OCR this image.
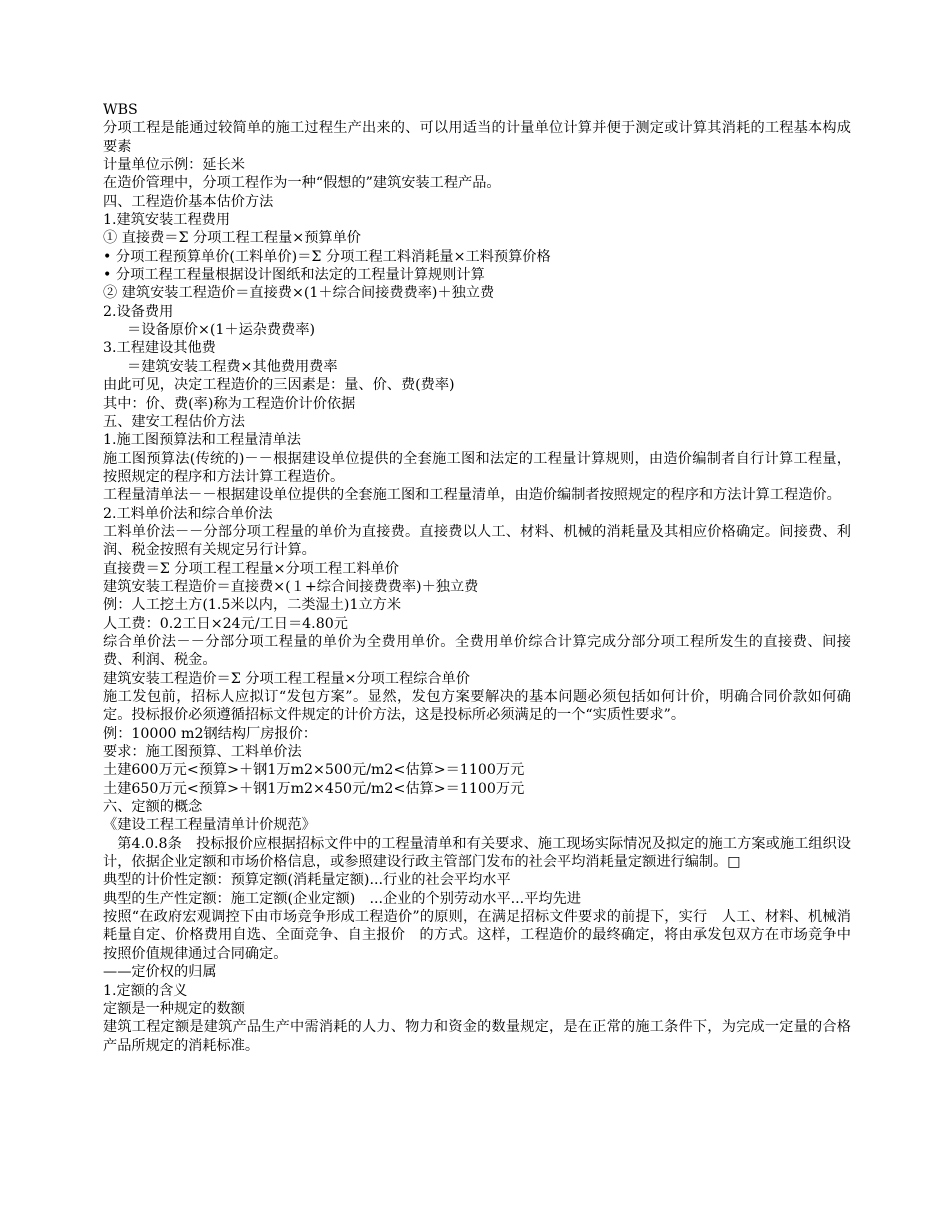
WBS

分项工程是能通过较简单的施工过程生产出来的、可以用适当的计量单位计算并便于测定或计算其消耗的工程基本构成要素

计量单位示例：延长米

在造价管理中，分项工程作为一种“假想的”建筑安装工程产品。

四、工程造价基本估价方法

1.建筑安装工程费用

① 直接费＝Σ 分项工程工程量×预算单价

• 分项工程预算单价(工料单价)＝Σ 分项工程工料消耗量×工料预算价格

• 分项工程工程量根据设计图纸和法定的工程量计算规则计算

② 建筑安装工程造价＝直接费×(1＋综合间接费费率)＋独立费

2.设备费用

＝设备原价×(1＋运杂费费率)

3.工程建设其他费

＝建筑安装工程费×其他费用费率

由此可见，决定工程造价的三因素是：量、价、费(费率)

其中：价、费(率)称为工程造价计价依据

五、建安工程估价方法

1.施工图预算法和工程量清单法

施工图预算法(传统的)－－根据建设单位提供的全套施工图和法定的工程量计算规则，由造价编制者自行计算工程量，按照规定的程序和方法计算工程造价。

工程量清单法－－根据建设单位提供的全套施工图和工程量清单，由造价编制者按照规定的程序和方法计算工程造价。

2.工料单价法和综合单价法

工料单价法－－分部分项工程量的单价为直接费。直接费以人工、材料、机械的消耗量及其相应价格确定。间接费、利润、税金按照有关规定另行计算。

直接费＝Σ 分项工程工程量×分项工程工料单价

建筑安装工程造价＝直接费×(１+综合间接费费率)＋独立费

例：人工挖土方(1.5米以内，二类湿土)1立方米

人工费：0.2工日×24元/工日＝4.80元

综合单价法－－分部分项工程量的单价为全费用单价。全费用单价综合计算完成分部分项工程所发生的直接费、间接费、利润、税金。

建筑安装工程造价＝Σ 分项工程工程量×分项工程综合单价

施工发包前，招标人应拟订“发包方案”。显然，发包方案要解决的基本问题必须包括如何计价，明确合同价款如何确定。投标报价必须遵循招标文件规定的计价方法，这是投标所必须满足的一个“实质性要求”。

例：10000 m2钢结构厂房报价：

要求：施工图预算、工料单价法

土建600万元<预算>＋钢1万m2×500元/m2<估算>＝1100万元

土建650万元<预算>＋钢1万m2×450元/m2<估算>＝1100万元

六、定额的概念

《建设工程工程量清单计价规范》

　第4.0.8条　投标报价应根据招标文件中的工程量清单和有关要求、施工现场实际情况及拟定的施工方案或施工组织设计，依据企业定额和市场价格信息，或参照建设行政主管部门发布的社会平均消耗量定额进行编制。□

典型的计价性定额：预算定额(消耗量定额)...行业的社会平均水平

典型的生产性定额：施工定额(企业定额)　...企业的个别劳动水平...平均先进

按照“在政府宏观调控下由市场竞争形成工程造价”的原则，在满足招标文件要求的前提下，实行　人工、材料、机械消耗量自定、价格费用自选、全面竞争、自主报价　的方式。这样，工程造价的最终确定，将由承发包双方在市场竞争中按照价值规律通过合同确定。

——定价权的归属

1.定额的含义

定额是一种规定的数额

建筑工程定额是建筑产品生产中需消耗的人力、物力和资金的数量规定，是在正常的施工条件下，为完成一定量的合格产品所规定的消耗标准。
